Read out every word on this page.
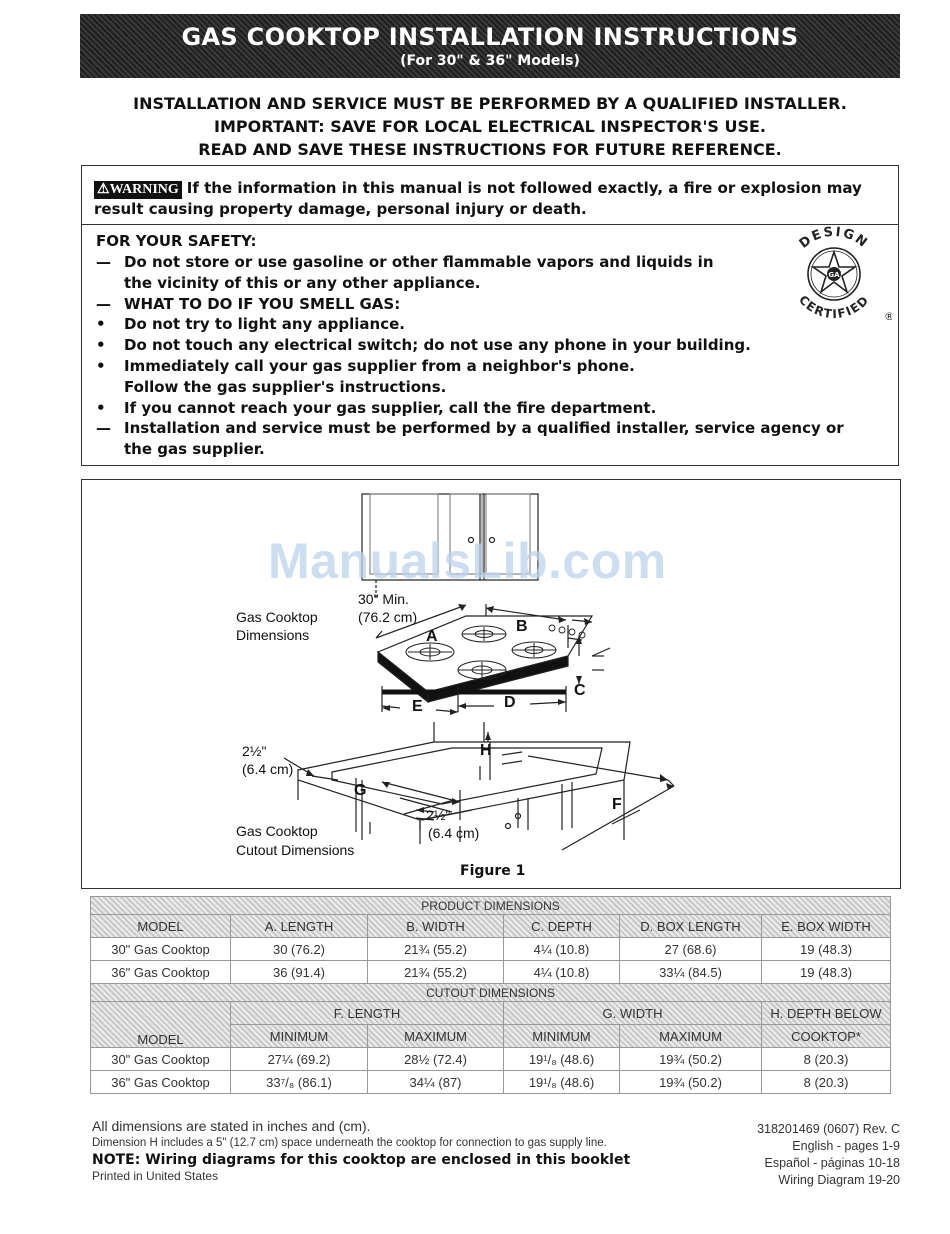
GAS COOKTOP INSTALLATION INSTRUCTIONS
(For 30" & 36" Models)
INSTALLATION AND SERVICE MUST BE PERFORMED BY A QUALIFIED INSTALLER.
IMPORTANT: SAVE FOR LOCAL ELECTRICAL INSPECTOR'S USE.
READ AND SAVE THESE INSTRUCTIONS FOR FUTURE REFERENCE.
⚠WARNING If the information in this manual is not followed exactly, a fire or explosion may result causing property damage, personal injury or death.
FOR YOUR SAFETY:
— Do not store or use gasoline or other flammable vapors and liquids in
the vicinity of this or any other appliance.
— WHAT TO DO IF YOU SMELL GAS:
•	Do not try to light any appliance.
•	Do not touch any electrical switch; do not use any phone in your building.
•	Immediately call your gas supplier from a neighbor's phone.
Follow the gas supplier's instructions.
•	If you cannot reach your gas supplier, call the fire department.
— Installation and service must be performed by a qualified installer, service agency or
the gas supplier.
GA
DESIGN
CERTIFIED
®
ManualsLib.com
30" Min.
(76.2 cm)
Gas Cooktop
Dimensions	A
B
C
D
E
F
G
H
2½"
(6.4 cm)
2½"
(6.4 cm)
Gas Cooktop
Cutout Dimensions
Figure 1
PRODUCT DIMENSIONS					
MODEL	A. LENGTH	B. WIDTH	C. DEPTH	D. BOX LENGTH	E. BOX WIDTH
30" Gas Cooktop	30 (76.2)	21¾ (55.2)	4¼ (10.8)	27 (68.6)	19 (48.3)
36" Gas Cooktop	36 (91.4)	21¾ (55.2)	4¼ (10.8)	33¼ (84.5)	19 (48.3)
CUTOUT DIMENSIONS					
MODEL	F. LENGTH		G. WIDTH		H. DEPTH BELOW
	MINIMUM	MAXIMUM	MINIMUM	MAXIMUM	COOKTOP*
30" Gas Cooktop	27¼ (69.2)	28½ (72.4)	19¹/₈ (48.6)	19¾ (50.2)	8 (20.3)
36" Gas Cooktop	33⁷/₈ (86.1)	34¼ (87)	19¹/₈ (48.6)	19¾ (50.2)	8 (20.3)
All dimensions are stated in inches and (cm).
Dimension H includes a 5" (12.7 cm) space underneath the cooktop for connection to gas supply line.
NOTE: Wiring diagrams for this cooktop are enclosed in this booklet
Printed in United States
318201469 (0607) Rev. C
English - pages 1-9
Español - páginas 10-18
Wiring Diagram 19-20
